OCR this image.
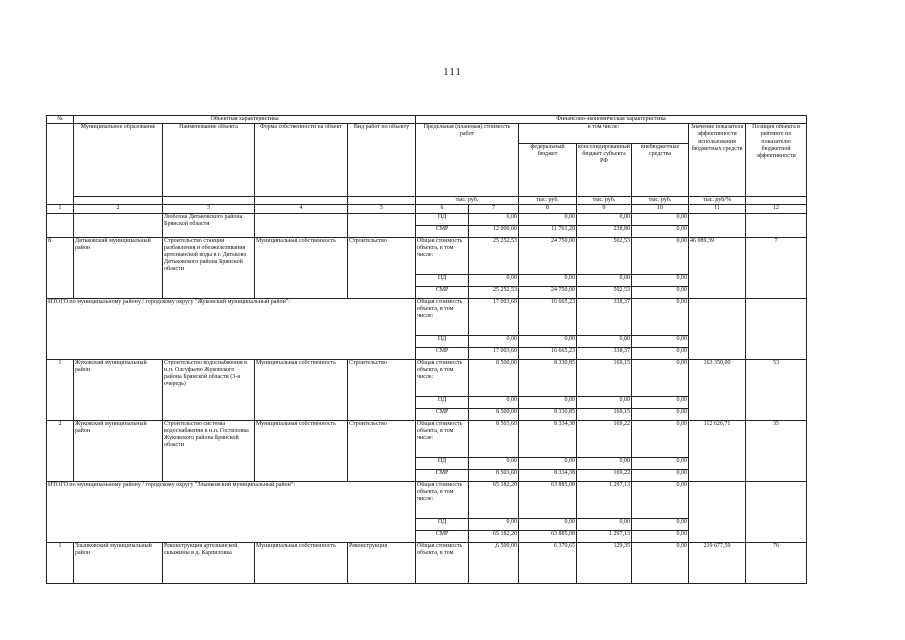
111
№	Объектная характеристика				Финансово-экономическая характеристика						
	Муниципальное образование	Наименование объекта	Форма собственности на объект	Вид работ по объекту	Предельная (плановая) стоимость работ		в том числе:			Значение показателя эффективности использования бюджетных средств	Позиция объекта в рейтинге по показателю бюджетной эффективности
							федеральный бюджет	консолидированный бюджет субъекта РФ	внебюджетные средства		
					тыс. руб.		тыс. руб.	тыс. руб.	тыс. руб.	тыс. руб/%	
1	2	3	4	5	6	7	8	9	10	11	12
		Любохна Дятьковского района Брянской области			ПД	0,00	0,00	0,00	0,00		
					СМР	12 000,00	11 761,20	238,80	0,00		
8	Дятьковский муниципальный район	Строительство станции разбавления и обезжелезивания артезианской воды в г. Дятьково Дятьковского района Брянской области	Муниципальная собственность	Строительство	Общая стоимость объекта, в том числе:	25 252,53	24 750,00	502,53	0,00	46 089,39	7
					ПД	0,00	0,00	0,00	0,00		
					СМР	25 252,53	24 750,00	502,53	0,00		
ИТОГО по муниципальному району / городскому округу "Жуковский муниципальный район":					Общая стоимость объекта, в том числе:	17 003,60	16 665,23	338,37	0,00		
					ПД	0,00	0,00	0,00	0,00		
					СМР	17 003,60	16 665,23	338,37	0,00		
1	Жуковский муниципальный район	Строительство водоснабжения в н.п. Олсуфьево Жуковского района Брянской области (3-я очередь)	Муниципальная собственность	Строительство	Общая стоимость объекта, в том числе:	8 500,00	8 330,85	169,15	0,00	163 350,00	53
					ПД	0,00	0,00	0,00	0,00		
					СМР	8 500,00	8 330,85	169,15	0,00		
2	Жуковский муниципальный район	Строительство системы водоснабжения в н.п. Гостиловка Жуковского района Брянской области	Муниципальная собственность	Строительство	Общая стоимость объекта, в том числе:	8 503,60	8 334,38	169,22	0,00	112 626,71	35
					ПД	0,00	0,00	0,00	0,00		
					СМР	8 503,60	8 334,38	169,22	0,00		
ИТОГО по муниципальному району / городскому округу "Злынковский муниципальный район":					Общая стоимость объекта, в том числе:	65 182,20	63 885,08	1 297,13	0,00		
					ПД	0,00	0,00	0,00	0,00		
					СМР	65 182,20	63 885,08	1 297,13	0,00		
1	Злынковский муниципальный район	Реконструкция артезианской скважины в д. Карпиловка	Муниципальная собственность	Реконструкция	Общая стоимость объекта, в том	,6 500,00	6 370,65	129,35	0,00	219 677,59	76
